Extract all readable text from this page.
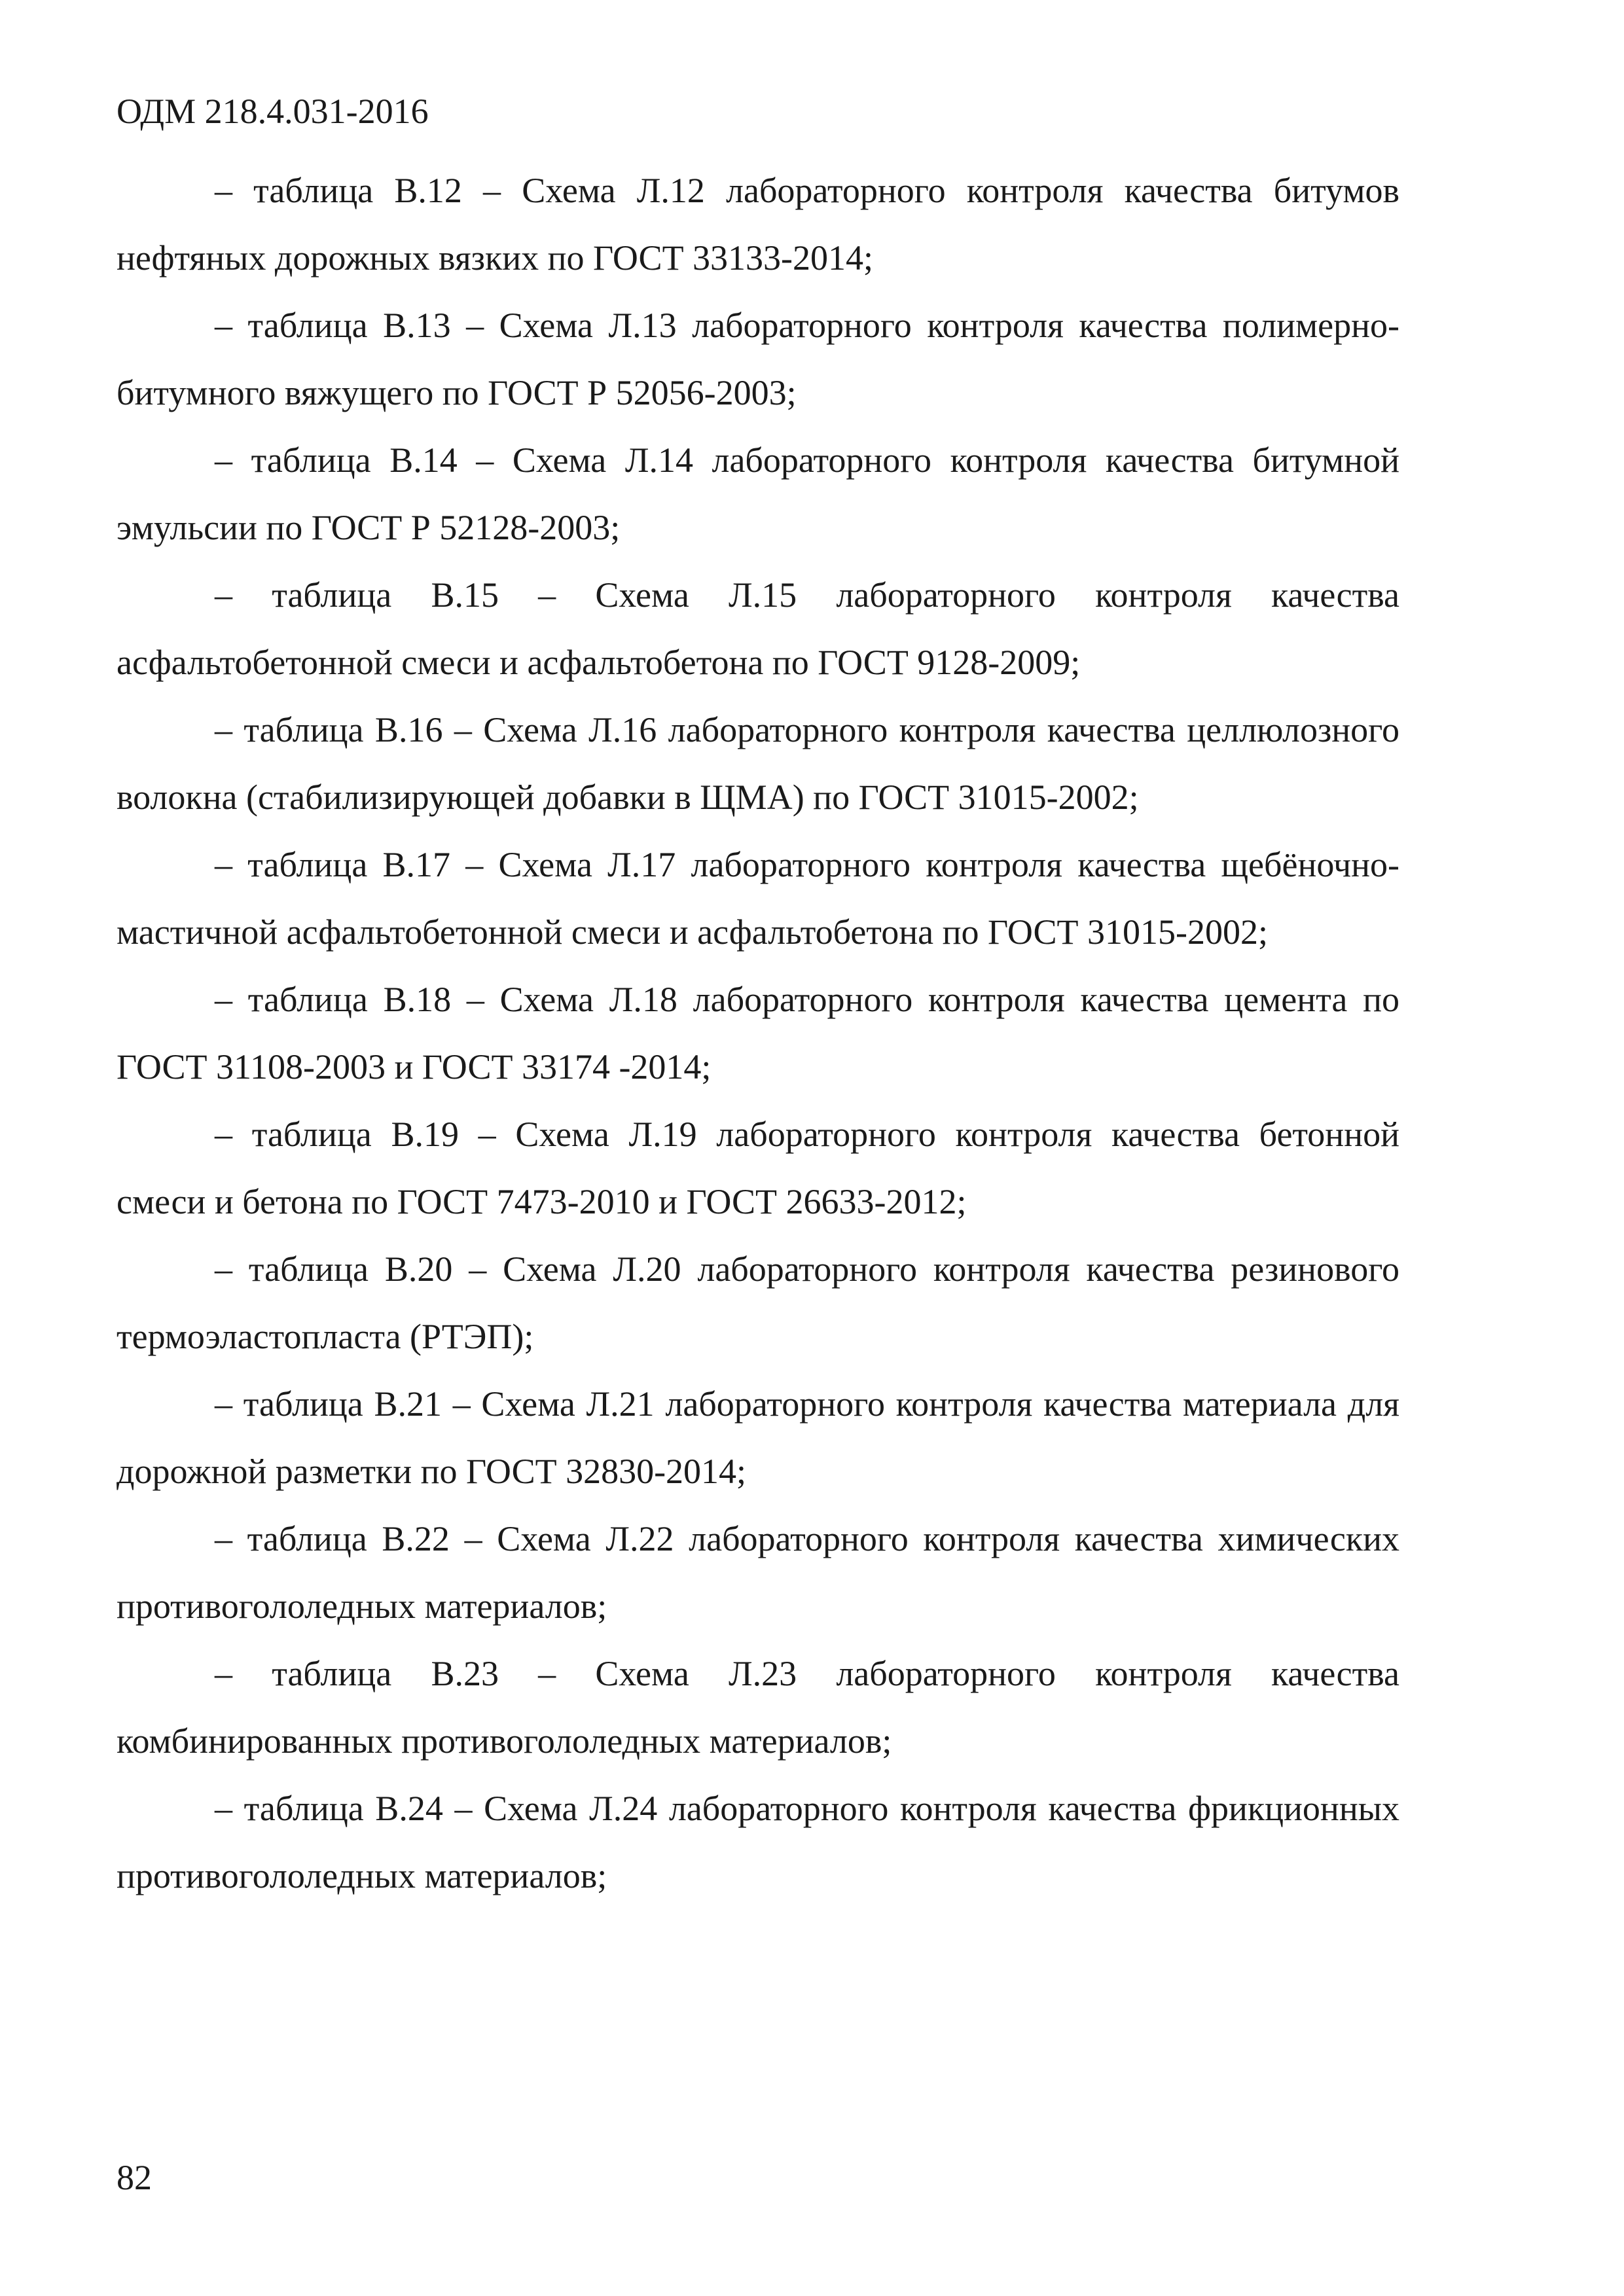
ОДМ 218.4.031-2016

– таблица В.12 – Схема Л.12 лабораторного контроля качества битумов нефтяных дорожных вязких по ГОСТ 33133-2014;

– таблица В.13 – Схема Л.13 лабораторного контроля качества полимерно-битумного вяжущего по ГОСТ Р 52056-2003;

– таблица В.14 – Схема Л.14 лабораторного контроля качества битумной эмульсии по ГОСТ Р 52128-2003;

– таблица В.15 – Схема Л.15 лабораторного контроля качества асфальтобетонной смеси и асфальтобетона по ГОСТ 9128-2009;

– таблица В.16 – Схема Л.16 лабораторного контроля качества целлюлозного волокна (стабилизирующей добавки в ЩМА) по ГОСТ 31015-2002;

– таблица В.17 – Схема Л.17 лабораторного контроля качества щебёночно-мастичной асфальтобетонной смеси и асфальтобетона по ГОСТ 31015-2002;

– таблица В.18 – Схема Л.18 лабораторного контроля качества цемента по ГОСТ 31108-2003 и ГОСТ 33174 -2014;

– таблица В.19 – Схема Л.19 лабораторного контроля качества бетонной смеси и бетона по ГОСТ 7473-2010 и ГОСТ 26633-2012;

– таблица В.20 – Схема Л.20 лабораторного контроля качества резинового термоэластопласта (РТЭП);

– таблица В.21 – Схема Л.21 лабораторного контроля качества материала для дорожной разметки по ГОСТ 32830-2014;

– таблица В.22 – Схема Л.22 лабораторного контроля качества химических противогололедных материалов;

– таблица В.23 – Схема Л.23 лабораторного контроля качества комбинированных противогололедных материалов;

– таблица В.24 – Схема Л.24 лабораторного контроля качества фрикционных противогололедных материалов;

82
